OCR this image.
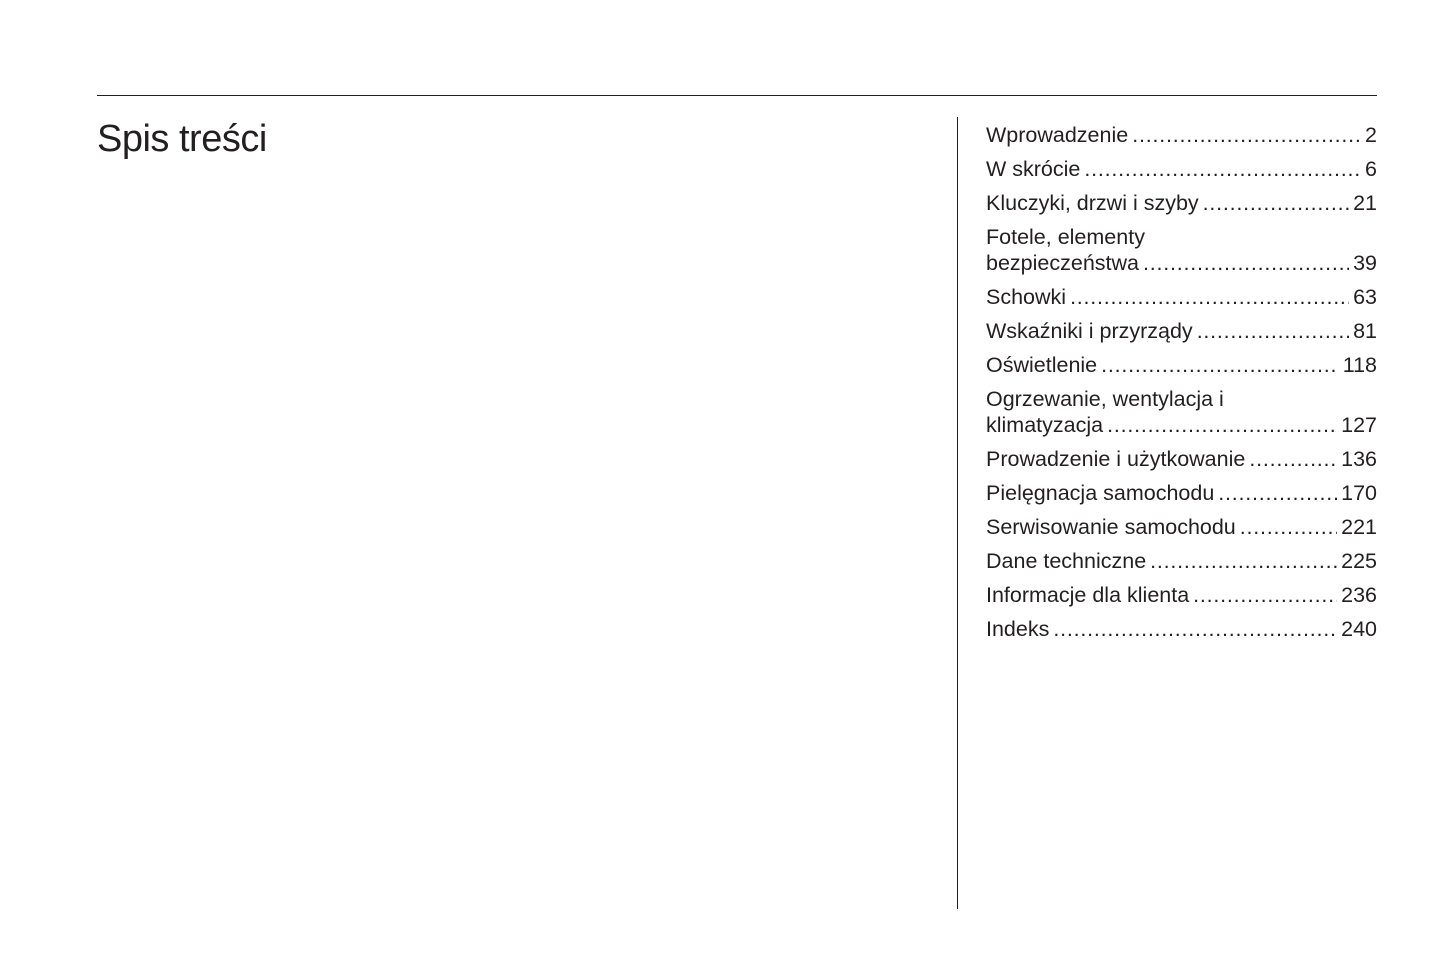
Spis treści	Wprowadzenie . . .	2
W skrócie . . .	6
Kluczyki, drzwi i szyby . . .	21
Fotele, elementy
bezpieczeństwa . . .	39
Schowki . . .	63
Wskaźniki i przyrządy . . .	81
Oświetlenie . . .	118
Ogrzewanie, wentylacja i
klimatyzacja . . .	127
Prowadzenie i użytkowanie . . .	136
Pielęgnacja samochodu . . .	170
Serwisowanie samochodu . . .	221
Dane techniczne . . .	225
Informacje dla klienta . . .	236
Indeks . . .	240
